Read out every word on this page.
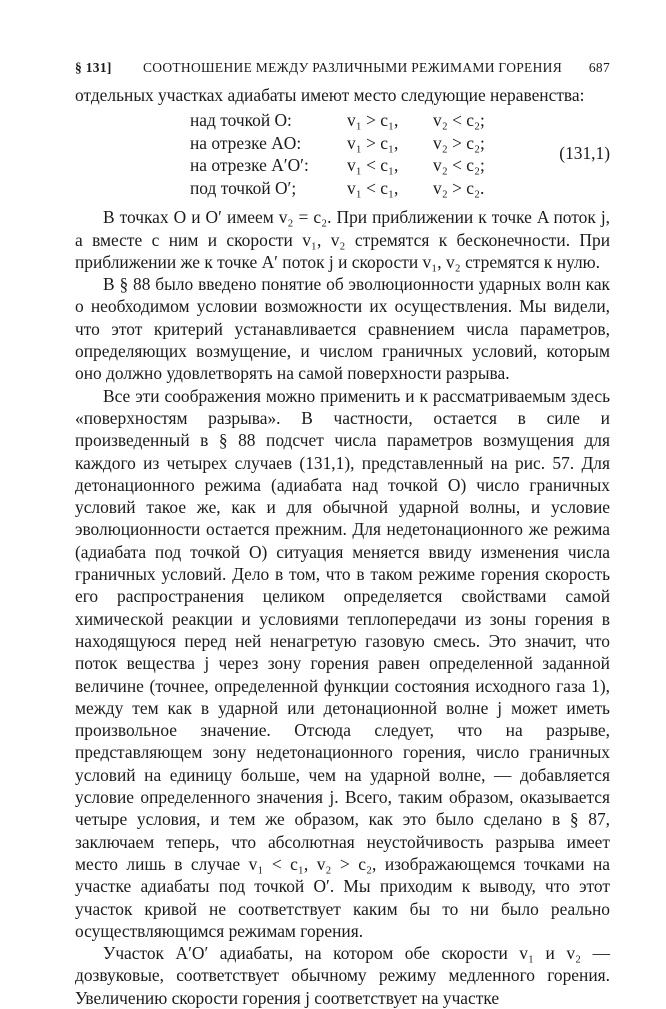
§ 131]	СООТНОШЕНИЕ МЕЖДУ РАЗЛИЧНЫМИ РЕЖИМАМИ ГОРЕНИЯ	687

отдельных участках адиабаты имеют место следующие неравенства:

над точкой O:	v₁ > c₁, v₂ < c₂;
на отрезке AO:	v₁ > c₁, v₂ > c₂;
на отрезке A′O′: v₁ < c₁, v₂ < c₂;
под точкой O′;	v₁ < c₁, v₂ > c₂.
(131,1)

В точках O и O′ имеем v₂ = c₂. При приближении к точке A поток j, а вместе с ним и скорости v₁, v₂ стремятся к бесконечности. При приближении же к точке A′ поток j и скорости v₁, v₂ стремятся к нулю.

В § 88 было введено понятие об эволюционности ударных волн как о необходимом условии возможности их осуществления. Мы видели, что этот критерий устанавливается сравнением числа параметров, определяющих возмущение, и числом граничных условий, которым оно должно удовлетворять на самой поверхности разрыва.

Все эти соображения можно применить и к рассматриваемым здесь «поверхностям разрыва». В частности, остается в силе и произведенный в § 88 подсчет числа параметров возмущения для каждого из четырех случаев (131,1), представленный на рис. 57. Для детонационного режима (адиабата над точкой O) число граничных условий такое же, как и для обычной ударной волны, и условие эволюционности остается прежним. Для недетонационного же режима (адиабата под точкой O) ситуация меняется ввиду изменения числа граничных условий. Дело в том, что в таком режиме горения скорость его распространения целиком определяется свойствами самой химической реакции и условиями теплопередачи из зоны горения в находящуюся перед ней ненагретую газовую смесь. Это значит, что поток вещества j через зону горения равен определенной заданной величине (точнее, определенной функции состояния исходного газа 1), между тем как в ударной или детонационной волне j может иметь произвольное значение. Отсюда следует, что на разрыве, представляющем зону недетонационного горения, число граничных условий на единицу больше, чем на ударной волне, — добавляется условие определенного значения j. Всего, таким образом, оказывается четыре условия, и тем же образом, как это было сделано в § 87, заключаем теперь, что абсолютная неустойчивость разрыва имеет место лишь в случае v₁ < c₁, v₂ > c₂, изображающемся точками на участке адиабаты под точкой O′. Мы приходим к выводу, что этот участок кривой не соответствует каким бы то ни было реально осуществляющимся режимам горения.

Участок A′O′ адиабаты, на котором обе скорости v₁ и v₂ — дозвуковые, соответствует обычному режиму медленного горения. Увеличению скорости горения j соответствует на участке
